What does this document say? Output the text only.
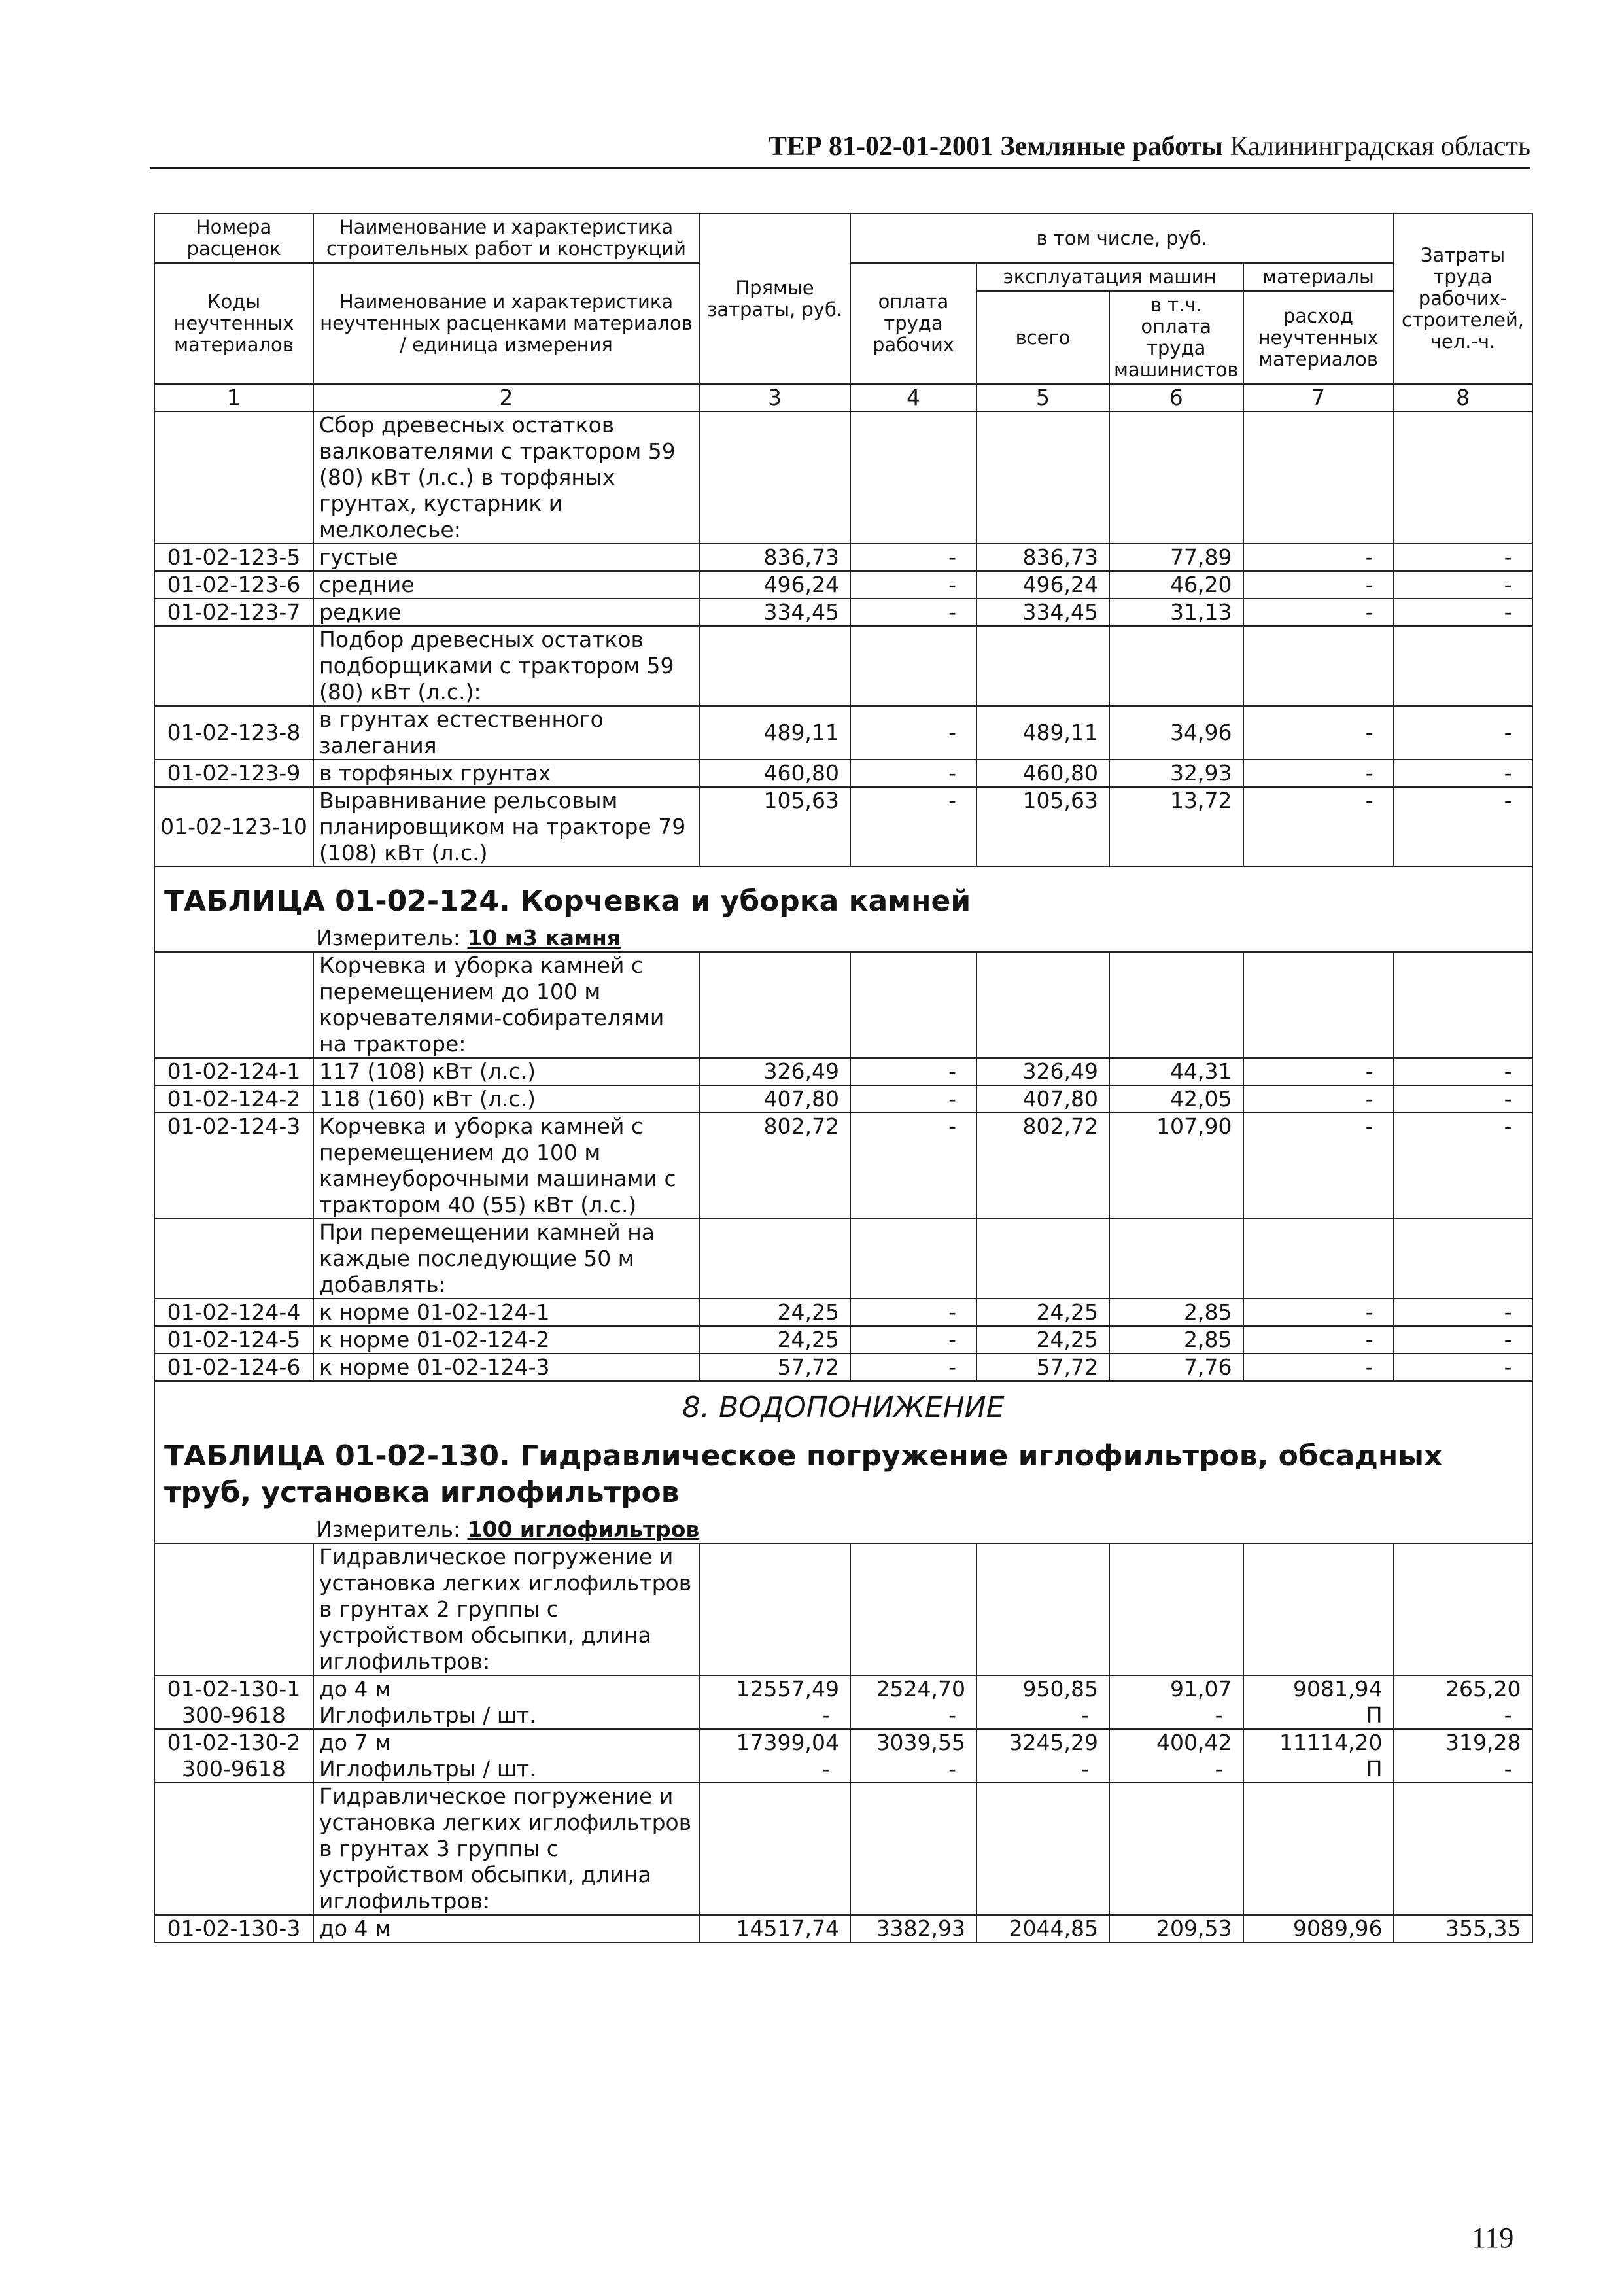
ТЕР 81-02-01-2001 Земляные работы Калининградская область
Номера расценок	Наименование и характеристика строительных работ и конструкций	Прямые затраты, руб.	в том числе, руб.				Затраты труда рабочих-строителей, чел.-ч.
Коды неучтенных материалов	Наименование и характеристика неучтенных расценками материалов / единица измерения		оплата труда рабочих	эксплуатация машин		материалы	
				всего	в т.ч. оплата труда машинистов	расход неучтенных материалов	

1	2	3	4	5	6	7	8
	Сбор древесных остатков валкователями с трактором 59 (80) кВт (л.с.) в торфяных грунтах, кустарник и мелколесье:						
01-02-123-5	густые	836,73	-	836,73	77,89	-	-
01-02-123-6	средние	496,24	-	496,24	46,20	-	-
01-02-123-7	редкие	334,45	-	334,45	31,13	-	-
	Подбор древесных остатков подборщиками с трактором 59 (80) кВт (л.с.):						
01-02-123-8	в грунтах естественного залегания	489,11	-	489,11	34,96	-	-
01-02-123-9	в торфяных грунтах	460,80	-	460,80	32,93	-	-
01-02-123-10	Выравнивание рельсовым планировщиком на тракторе 79 (108) кВт (л.с.)	105,63	-	105,63	13,72	-	-
ТАБЛИЦА 01-02-124. Корчевка и уборка камней							
Измеритель: 10 м3 камня							
	Корчевка и уборка камней с перемещением до 100 м корчевателями-собирателями на тракторе:						
01-02-124-1	117 (108) кВт (л.с.)	326,49	-	326,49	44,31	-	-
01-02-124-2	118 (160) кВт (л.с.)	407,80	-	407,80	42,05	-	-
01-02-124-3	Корчевка и уборка камней с перемещением до 100 м камнеуборочными машинами с трактором 40 (55) кВт (л.с.)	802,72	-	802,72	107,90	-	-
	При перемещении камней на каждые последующие 50 м добавлять:						
01-02-124-4	к норме 01-02-124-1	24,25	-	24,25	2,85	-	-
01-02-124-5	к норме 01-02-124-2	24,25	-	24,25	2,85	-	-
01-02-124-6	к норме 01-02-124-3	57,72	-	57,72	7,76	-	-
8. ВОДОПОНИЖЕНИЕ							
ТАБЛИЦА 01-02-130. Гидравлическое погружение иглофильтров, обсадных труб, установка иглофильтров							
Измеритель: 100 иглофильтров							
	Гидравлическое погружение и установка легких иглофильтров в грунтах 2 группы с устройством обсыпки, длина иглофильтров:						
01-02-130-1	до 4 м	12557,49	2524,70	950,85	91,07	9081,94	265,20
300-9618	Иглофильтры / шт.	-	-	-	-	П	-
01-02-130-2	до 7 м	17399,04	3039,55	3245,29	400,42	11114,20	319,28
300-9618	Иглофильтры / шт.	-	-	-	-	П	-
	Гидравлическое погружение и установка легких иглофильтров в грунтах 3 группы с устройством обсыпки, длина иглофильтров:						
01-02-130-3	до 4 м	14517,74	3382,93	2044,85	209,53	9089,96	355,35
119
